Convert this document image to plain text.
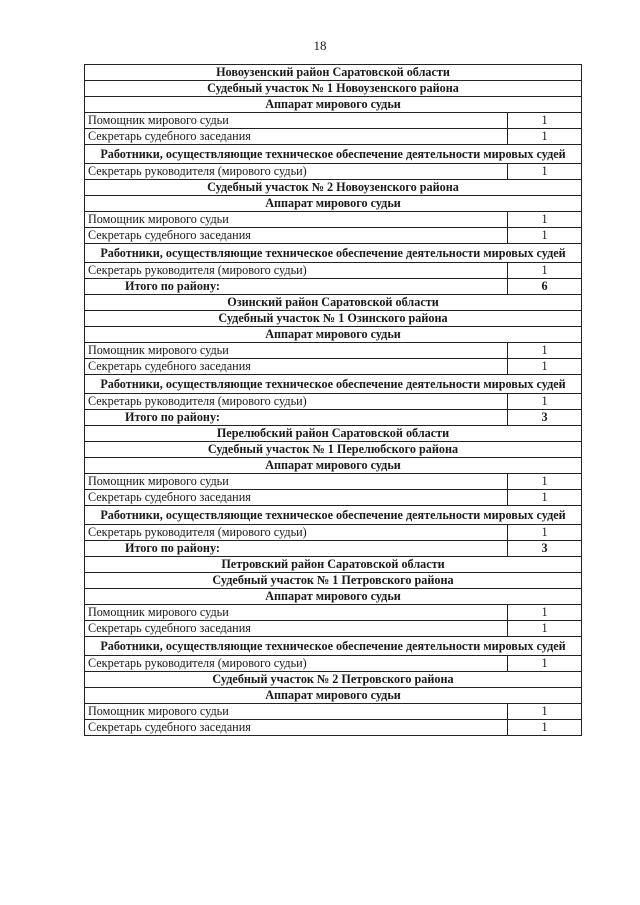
18
Новоузенский район Саратовской области	
Судебный участок № 1 Новоузенского района	
Аппарат мирового судьи	
Помощник мирового судьи	1
Секретарь судебного заседания	1
Работники, осуществляющие техническое обеспечение деятельности мировых судей	
Секретарь руководителя (мирового судьи)	1
Судебный участок № 2 Новоузенского района	
Аппарат мирового судьи	
Помощник мирового судьи	1
Секретарь судебного заседания	1
Работники, осуществляющие техническое обеспечение деятельности мировых судей	
Секретарь руководителя (мирового судьи)	1
Итого по району:	6
Озинский район Саратовской области	
Судебный участок № 1 Озинского района	
Аппарат мирового судьи	
Помощник мирового судьи	1
Секретарь судебного заседания	1
Работники, осуществляющие техническое обеспечение деятельности мировых судей	
Секретарь руководителя (мирового судьи)	1
Итого по району:	3
Перелюбский район Саратовской области	
Судебный участок № 1 Перелюбского района	
Аппарат мирового судьи	
Помощник мирового судьи	1
Секретарь судебного заседания	1
Работники, осуществляющие техническое обеспечение деятельности мировых судей	
Секретарь руководителя (мирового судьи)	1
Итого по району:	3
Петровский район Саратовской области	
Судебный участок № 1 Петровского района	
Аппарат мирового судьи	
Помощник мирового судьи	1
Секретарь судебного заседания	1
Работники, осуществляющие техническое обеспечение деятельности мировых судей	
Секретарь руководителя (мирового судьи)	1
Судебный участок № 2 Петровского района	
Аппарат мирового судьи	
Помощник мирового судьи	1
Секретарь судебного заседания	1
